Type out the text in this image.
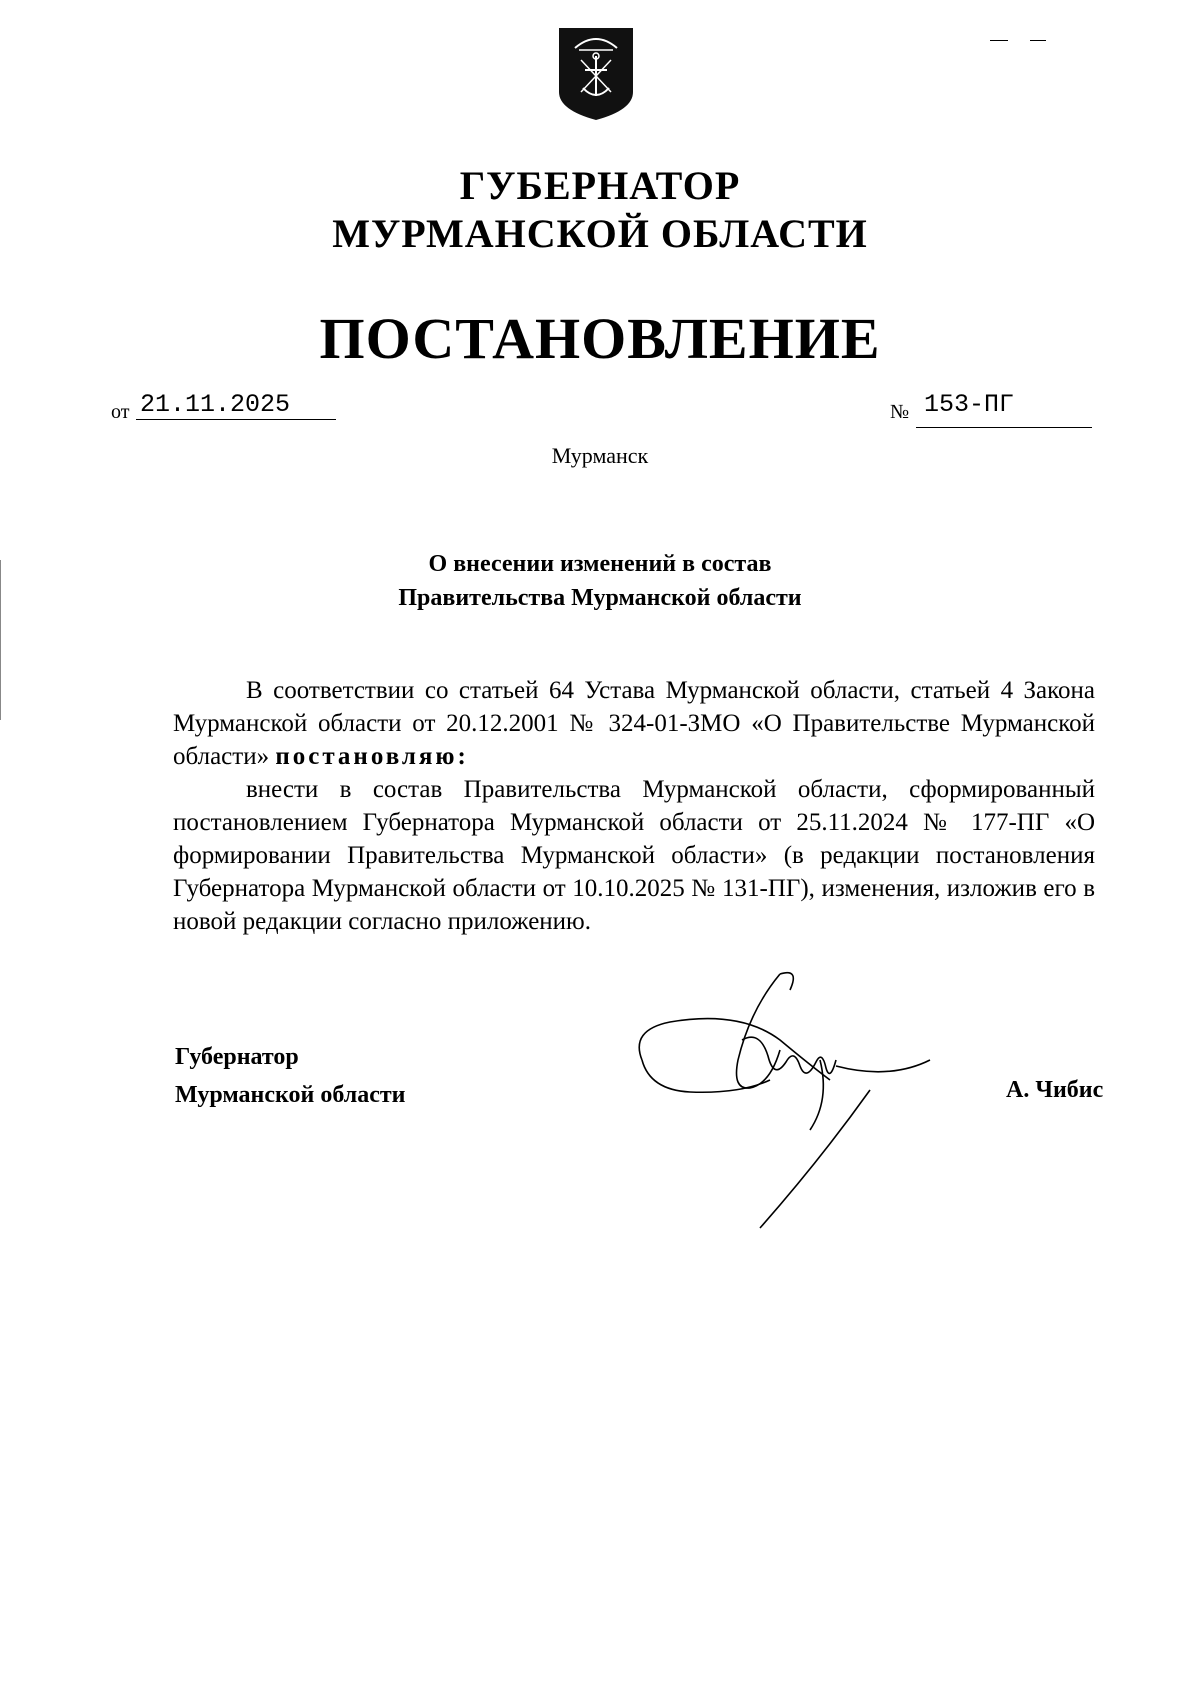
ГУБЕРНАТОР
МУРМАНСКОЙ ОБЛАСТИ
ПОСТАНОВЛЕНИЕ
от 21.11.2025	№ 153-ПГ
Мурманск
О внесении изменений в состав
Правительства Мурманской области

В соответствии со статьей 64 Устава Мурманской области, статьей 4 Закона Мурманской области от 20.12.2001 № 324-01-ЗМО «О Правительстве Мурманской области» постановляю:

внести в состав Правительства Мурманской области, сформированный постановлением Губернатора Мурманской области от 25.11.2024 № 177-ПГ «О формировании Правительства Мурманской области» (в редакции постановления Губернатора Мурманской области от 10.10.2025 № 131-ПГ), изменения, изложив его в новой редакции согласно приложению.

Губернатор
Мурманской области	А. Чибис
